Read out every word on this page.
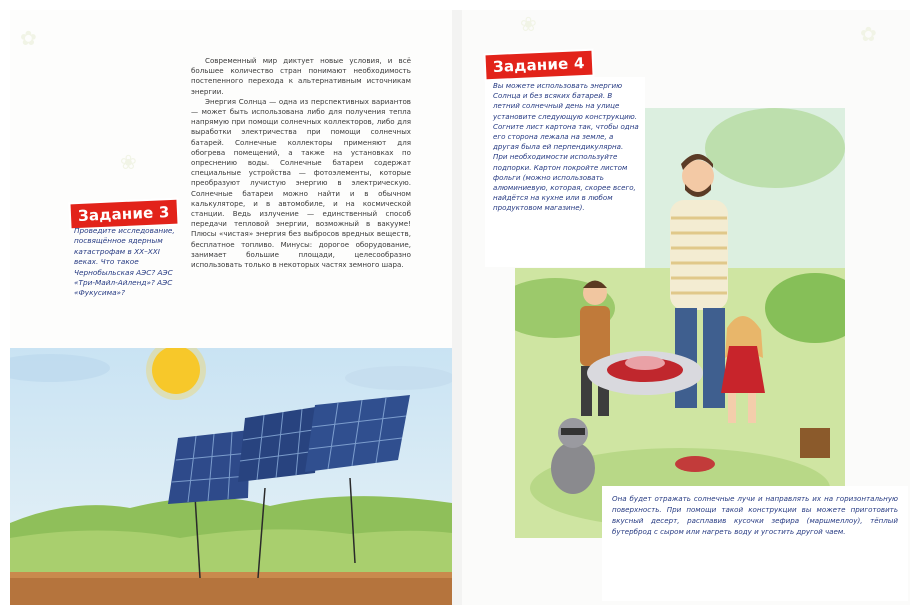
✿
❀
✿
❀

Современный мир диктует новые условия, и всё большее количество стран понимают необходимость постепенного перехода к альтернативным источникам энергии.

Энергия Солнца — одна из перспективных вариантов — может быть использована либо для получения тепла напрямую при помощи солнечных коллекторов, либо для выработки электричества при помощи солнечных батарей. Солнечные коллекторы применяют для обогрева помещений, а также на установках по опреснению воды. Солнечные батареи содержат специальные устройства — фотоэлементы, которые преобразуют лучистую энергию в электрическую. Солнечные батареи можно найти и в обычном калькуляторе, и в автомобиле, и на космической станции. Ведь излучение — единственный способ передачи тепловой энергии, возможный в вакууме! Плюсы «чистая» энергия без выбросов вредных веществ, бесплатное топливо. Минусы: дорогое оборудование, занимает большие площади, целесообразно использовать только в некоторых частях земного шара.

Задание 3
Проведите исследование, посвящённое ядерным катастрофам в ХХ–ХХI веках. Что такое Чернобыльская АЭС? АЭС «Три-Майл-Айленд»? АЭС «Фукусима»?
Задание 4
Вы можете использовать энергию Солнца и без всяких батарей. В летний солнечный день на улице установите следующую конструкцию. Согните лист картона так, чтобы одна его сторона лежала на земле, а другая была ей перпендикулярна. При необходимости используйте подпорки. Картон покройте листом фольги (можно использовать алюминиевую, которая, скорее всего, найдётся на кухне или в любом продуктовом магазине).
Она будет отражать солнечные лучи и направлять их на горизонтальную поверхность. При помощи такой конструкции вы можете приготовить вкусный десерт, расплавив кусочки зефира (маршмеллоу), тёплый бутерброд с сыром или нагреть воду и угостить другой чаем.
